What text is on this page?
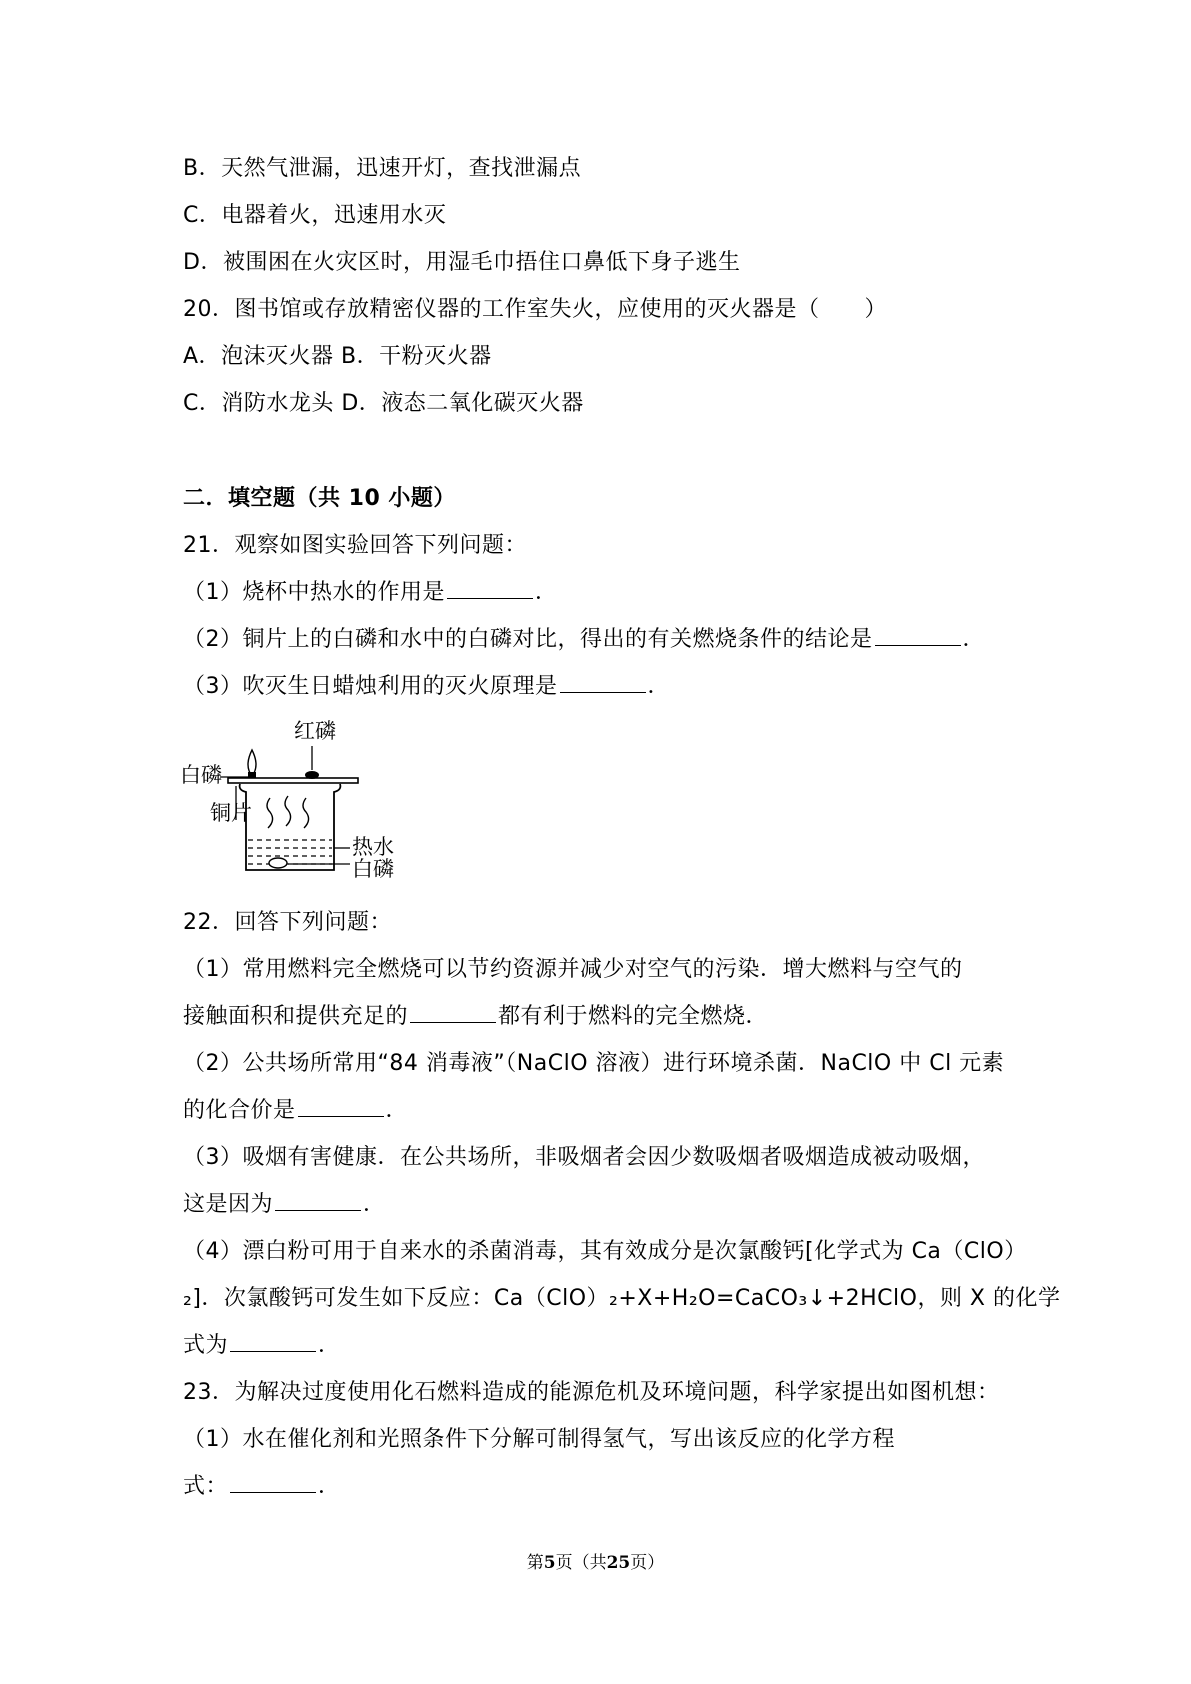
B．天然气泄漏，迅速开灯，查找泄漏点
C．电器着火，迅速用水灭
D．被围困在火灾区时，用湿毛巾捂住口鼻低下身子逃生
20．图书馆或存放精密仪器的工作室失火，应使用的灭火器是（　　）
A．泡沫灭火器 B．干粉灭火器
C．消防水龙头 D．液态二氧化碳灭火器
二．填空题（共 10 小题）
21．观察如图实验回答下列问题：
（1）烧杯中热水的作用是	．
（2）铜片上的白磷和水中的白磷对比，得出的有关燃烧条件的结论是	．
（3）吹灭生日蜡烛利用的灭火原理是	．
红磷
白磷
铜片
热水
白磷
22．回答下列问题：
（1）常用燃料完全燃烧可以节约资源并减少对空气的污染．增大燃料与空气的
接触面积和提供充足的	都有利于燃料的完全燃烧．
（2）公共场所常用“84 消毒液”（NaClO 溶液）进行环境杀菌．NaClO 中 Cl 元素
的化合价是	．
（3）吸烟有害健康．在公共场所，非吸烟者会因少数吸烟者吸烟造成被动吸烟，
这是因为	．
（4）漂白粉可用于自来水的杀菌消毒，其有效成分是次氯酸钙[化学式为 Ca（ClO）
₂]．次氯酸钙可发生如下反应：Ca（ClO）₂+X+H₂O=CaCO₃↓+2HClO，则 X 的化学
式为	．
23．为解决过度使用化石燃料造成的能源危机及环境问题，科学家提出如图机想：
（1）水在催化剂和光照条件下分解可制得氢气，写出该反应的化学方程
式：	．
第5页（共25页）
